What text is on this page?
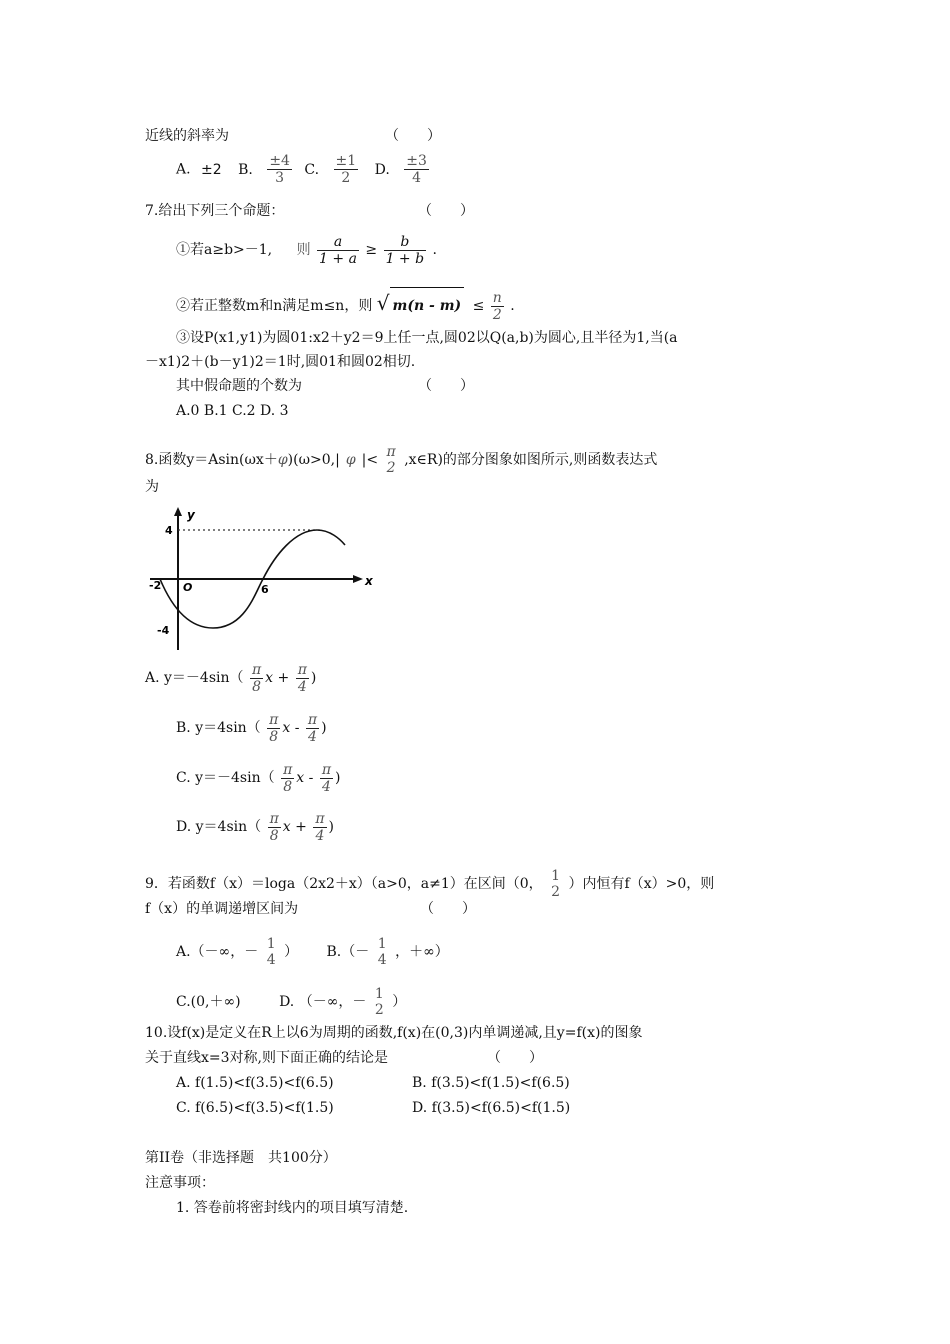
近线的斜率为	（　　）
A. ±2 B. $\frac{\pm 4}{3} C$. $\frac{\pm 1}{2} D$. $\frac{\pm 3}{4}$
7.给出下列三个命题：	（　　）
①若a≥b>－1, 则 $\frac{a}{1 + a} \ge \frac{b}{1 + b}$ .
②若正整数m和n满足m≤n，则 √ $m(n - m) \le \frac{n}{2}$ .
③设P(x1,y1)为圆01:x2＋y2＝9上任一点,圆02以Q(a,b)为圆心,且半径为1,当(a
－x1)2＋(b－y1)2＝1时,圆01和圆02相切.
其中假命题的个数为	（　　）
A.0 B.1 C.2 D. 3
8.函数y＝Asin(ωx＋φ)(ω>0,| φ |< π
2 ,x∈R)的部分图象如图所示,则函数表达式
为
y
x
4
-4
-2 O	6
A. $y=-4\sin( \frac{\pi}{8}$ $x + \frac{\pi}{4}$ )
B. $y=4\sin( \frac{\pi}{8}$ x - $\frac{\pi}{4}$ )
C. $y=-4\sin( \frac{\pi}{8}$ x - $\frac{\pi}{4}$ )
D. $y=4\sin( \frac{\pi}{8}$ $x + \frac{\pi}{4}$ )
9．若函数f（x）＝loga（2x2＋x）（a>0，a≠1）在区间（0， 1
2 ）内恒有f（x）>0，则
f（x）的单调递增区间为	（　　）
A.（－∞，－ 1
4 ） B.（－ 1
4 ，＋∞）
C.(0,＋∞)	D. （－∞，－ 1
2 ）
10.设f(x)是定义在R上以6为周期的函数,f(x)在(0,3)内单调递减,且y=f(x)的图象
关于直线x=3对称,则下面正确的结论是	（　　）
A. f(1.5)<f(3.5)<f(6.5)	B. f(3.5)<f(1.5)<f(6.5)
C. f(6.5)<f(3.5)<f(1.5)	D. f(3.5)<f(6.5)<f(1.5)
第II卷（非选择题　共100分）
注意事项：
1. 答卷前将密封线内的项目填写清楚.
